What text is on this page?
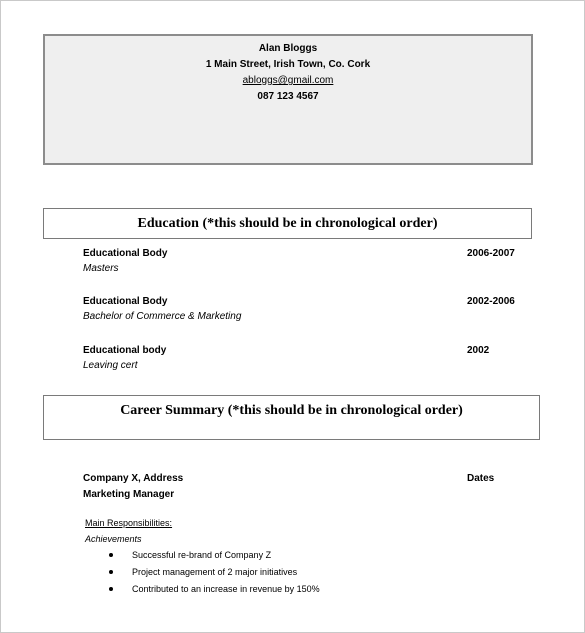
Alan Bloggs
1 Main Street, Irish Town, Co. Cork
abloggs@gmail.com
087 123 4567
Education (*this should be in chronological order)
Educational Body	2006-2007
Masters
Educational Body	2002-2006
Bachelor of Commerce & Marketing
Educational body	2002
Leaving cert
Career Summary (*this should be in chronological order)
Company X, Address	Dates
Marketing Manager
Main Responsibilities:
Achievements
Successful re-brand of Company Z
Project management of 2 major initiatives
Contributed to an increase in revenue by 150%
